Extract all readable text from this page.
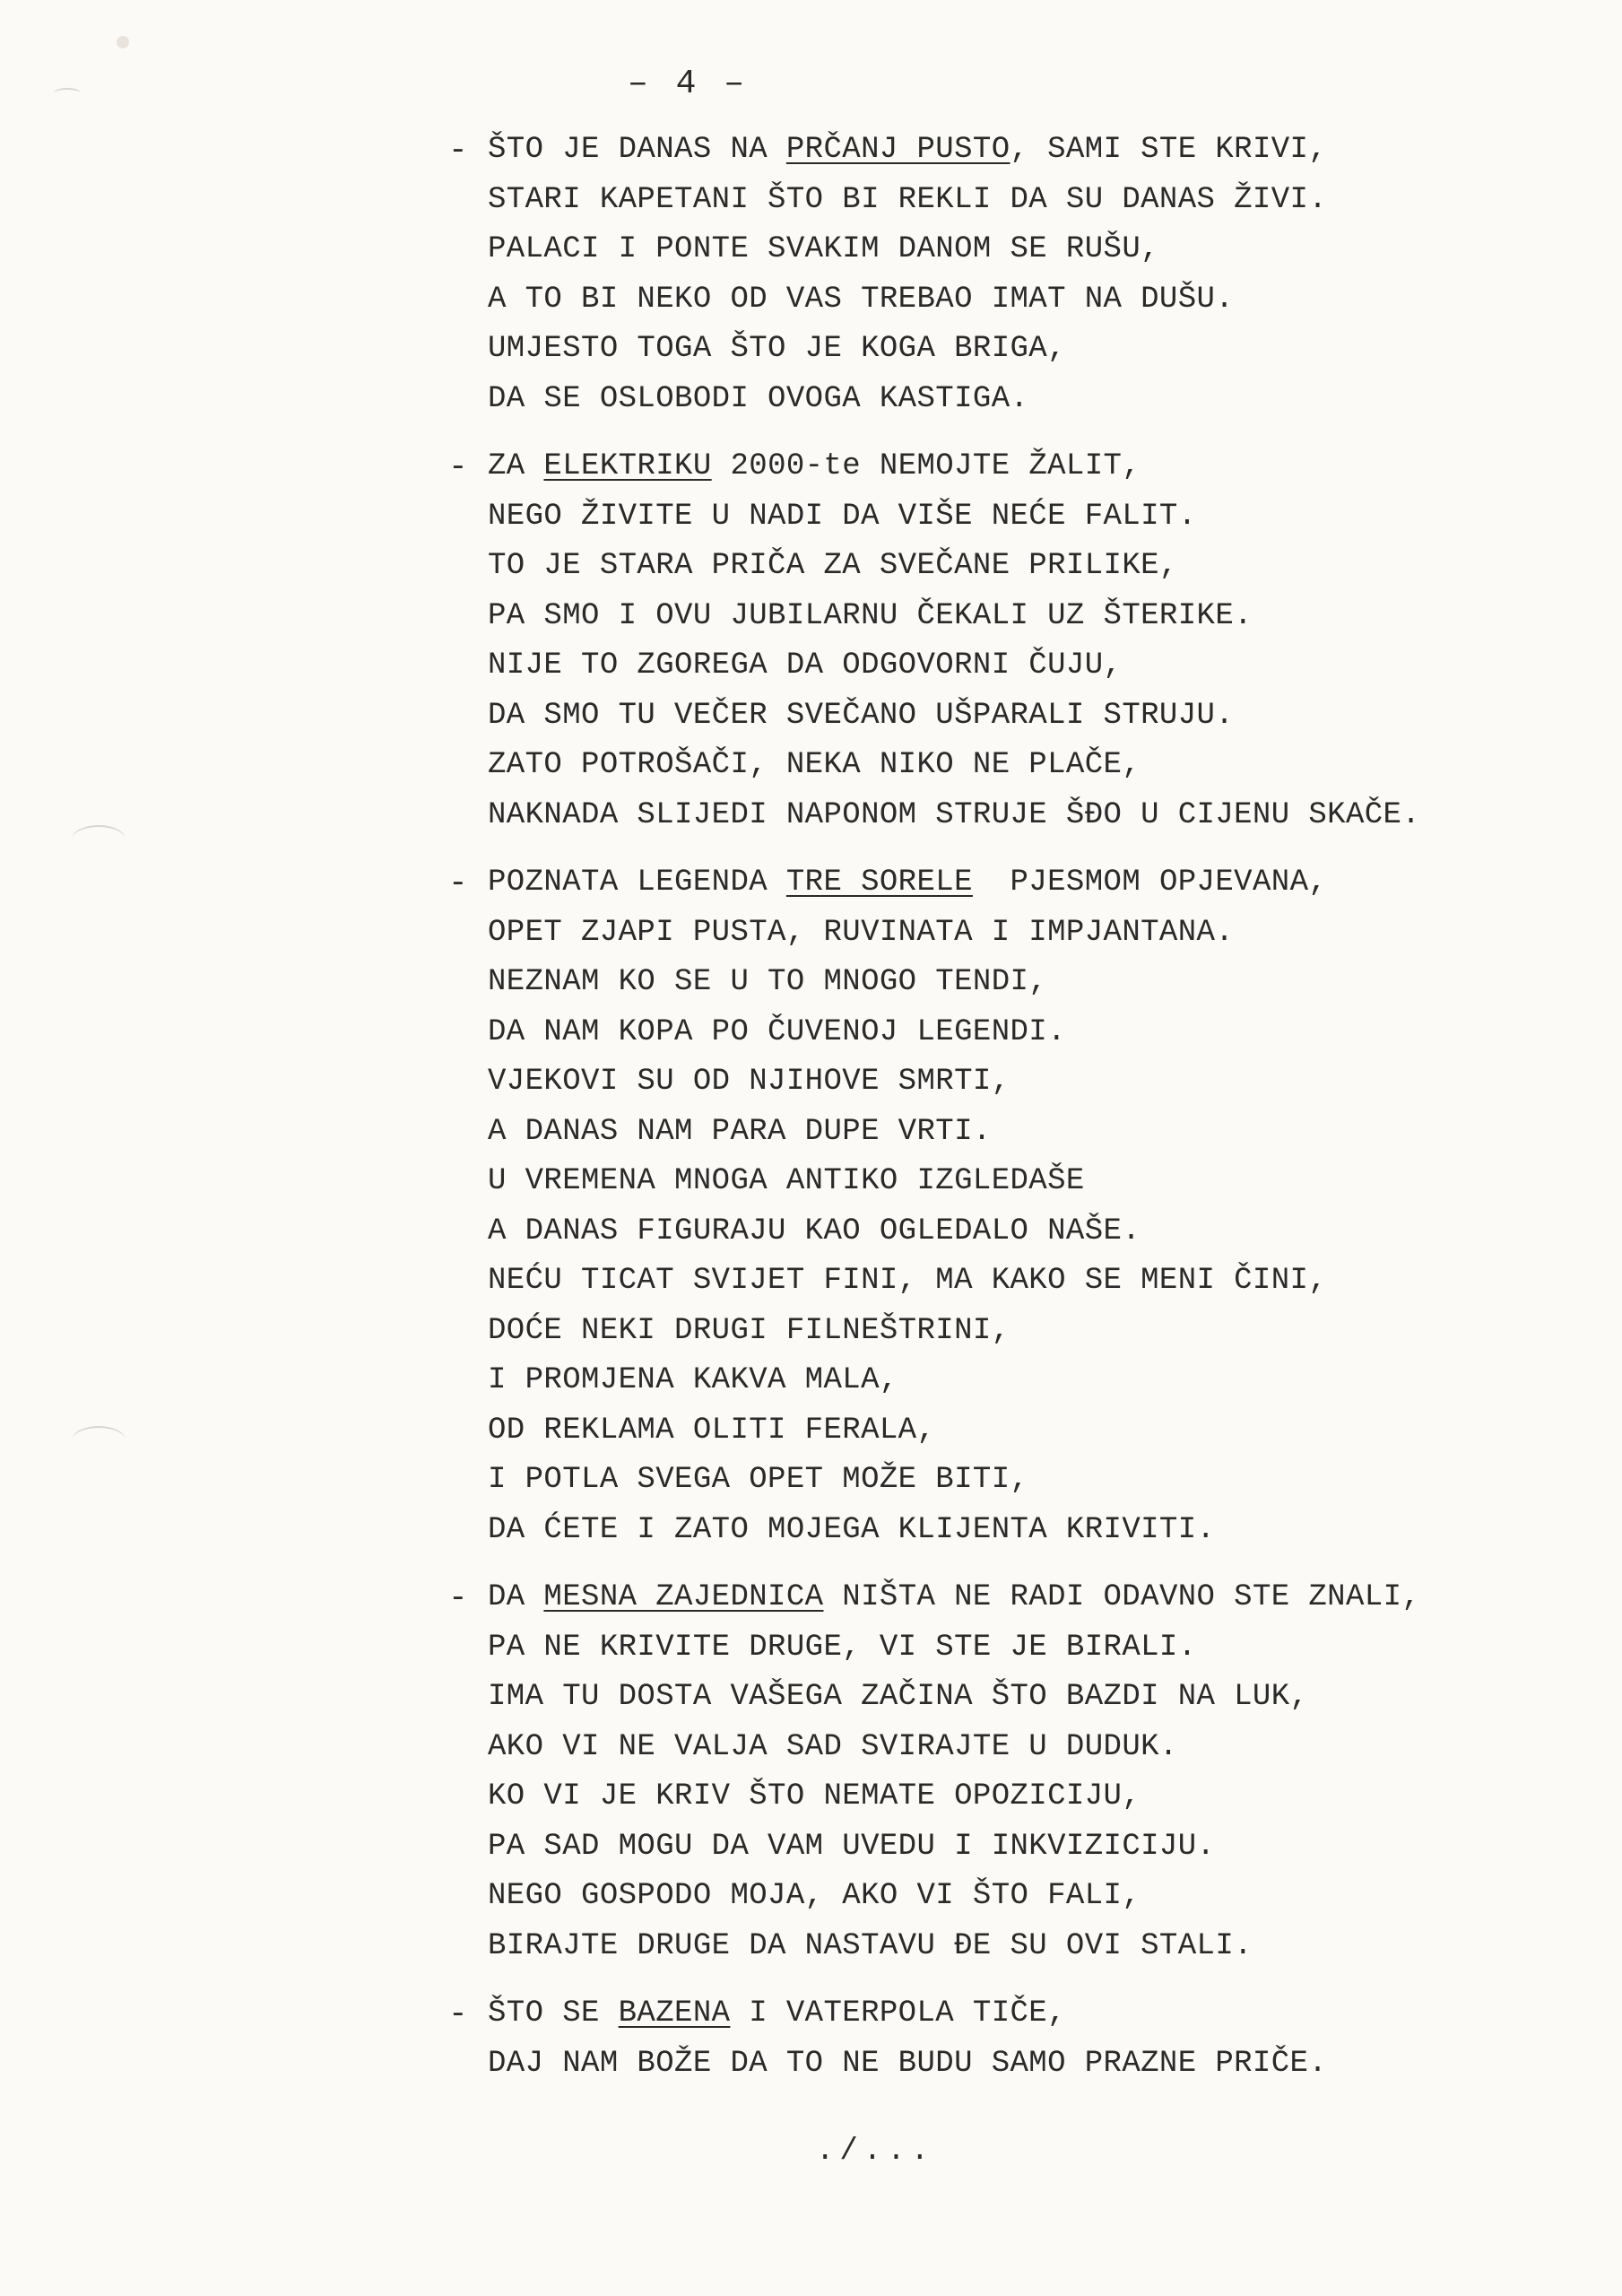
– 4 –
- ŠTO JE DANAS NA PRČANJ PUSTO, SAMI STE KRIVI,
STARI KAPETANI ŠTO BI REKLI DA SU DANAS ŽIVI.
PALACI I PONTE SVAKIM DANOM SE RUŠU,
A TO BI NEKO OD VAS TREBAO IMAT NA DUŠU.
UMJESTO TOGA ŠTO JE KOGA BRIGA,
DA SE OSLOBODI OVOGA KASTIGA.
- ZA ELEKTRIKU 2000-te NEMOJTE ŽALIT,
NEGO ŽIVITE U NADI DA VIŠE NEĆE FALIT.
TO JE STARA PRIČA ZA SVEČANE PRILIKE,
PA SMO I OVU JUBILARNU ČEKALI UZ ŠTERIKE.
NIJE TO ZGOREGA DA ODGOVORNI ČUJU,
DA SMO TU VEČER SVEČANO UŠPARALI STRUJU.
ZATO POTROŠAČI, NEKA NIKO NE PLAČE,
NAKNADA SLIJEDI NAPONOM STRUJE ŠĐO U CIJENU SKAČE.
- POZNATA LEGENDA TRE SORELE  PJESMOM OPJEVANA,
OPET ZJAPI PUSTA, RUVINATA I IMPJANTANA.
NEZNAM KO SE U TO MNOGO TENDI,
DA NAM KOPA PO ČUVENOJ LEGENDI.
VJEKOVI SU OD NJIHOVE SMRTI,
A DANAS NAM PARA DUPE VRTI.
U VREMENA MNOGA ANTIKO IZGLEDAŠE
A DANAS FIGURAJU KAO OGLEDALO NAŠE.
NEĆU TICAT SVIJET FINI, MA KAKO SE MENI ČINI,
DOĆE NEKI DRUGI FILNEŠTRINI,
I PROMJENA KAKVA MALA,
OD REKLAMA OLITI FERALA,
I POTLA SVEGA OPET MOŽE BITI,
DA ĆETE I ZATO MOJEGA KLIJENTA KRIVITI.
- DA MESNA ZAJEDNICA NIŠTA NE RADI ODAVNO STE ZNALI,
PA NE KRIVITE DRUGE, VI STE JE BIRALI.
IMA TU DOSTA VAŠEGA ZAČINA ŠTO BAZDI NA LUK,
AKO VI NE VALJA SAD SVIRAJTE U DUDUK.
KO VI JE KRIV ŠTO NEMATE OPOZICIJU,
PA SAD MOGU DA VAM UVEDU I INKVIZICIJU.
NEGO GOSPODO MOJA, AKO VI ŠTO FALI,
BIRAJTE DRUGE DA NASTAVU ĐE SU OVI STALI.
- ŠTO SE BAZENA I VATERPOLA TIČE,
DAJ NAM BOŽE DA TO NE BUDU SAMO PRAZNE PRIČE.
./...
